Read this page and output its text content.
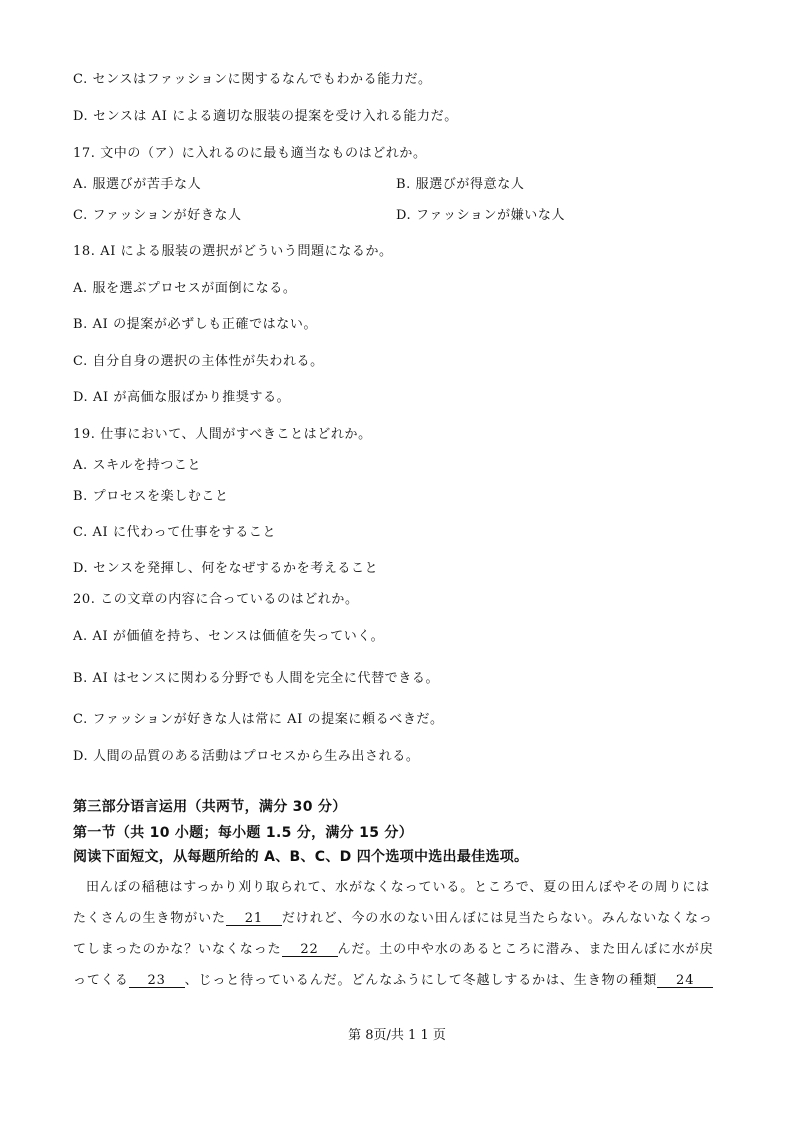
C. センスはファッションに関するなんでもわかる能力だ。
D. センスは AI による適切な服装の提案を受け入れる能力だ。
17. 文中の（ア）に入れるのに最も適当なものはどれか。
A. 服選びが苦手な人	B. 服選びが得意な人
C. ファッションが好きな人	D. ファッションが嫌いな人
18. AI による服装の選択がどういう問題になるか。
A. 服を選ぶプロセスが面倒になる。
B. AI の提案が必ずしも正確ではない。
C. 自分自身の選択の主体性が失われる。
D. AI が高価な服ばかり推奨する。
19. 仕事において、人間がすべきことはどれか。
A. スキルを持つこと
B. プロセスを楽しむこと
C. AI に代わって仕事をすること
D. センスを発揮し、何をなぜするかを考えること
20. この文章の内容に合っているのはどれか。
A. AI が価値を持ち、センスは価値を失っていく。
B. AI はセンスに関わる分野でも人間を完全に代替できる。
C. ファッションが好きな人は常に AI の提案に頼るべきだ。
D. 人間の品質のある活動はプロセスから生み出される。
第三部分语言运用（共两节，满分 30 分）
第一节（共 10 小题；每小题 1.5 分，满分 15 分）
阅读下面短文，从每题所给的 A、B、C、D 四个选项中选出最佳选项。
田んぼの稲穂はすっかり刈り取られて、水がなくなっている。ところで、夏の田んぼやその周りには
たくさんの生き物がいた 21 だけれど、今の水のない田んぼには見当たらない。みんないなくなっ
てしまったのかな？いなくなった 22 んだ。土の中や水のあるところに潜み、また田んぼに水が戻
ってくる 23 、じっと待っているんだ。どんなふうにして冬越しするかは、生き物の種類 24
第 8页/共 1 1 页
